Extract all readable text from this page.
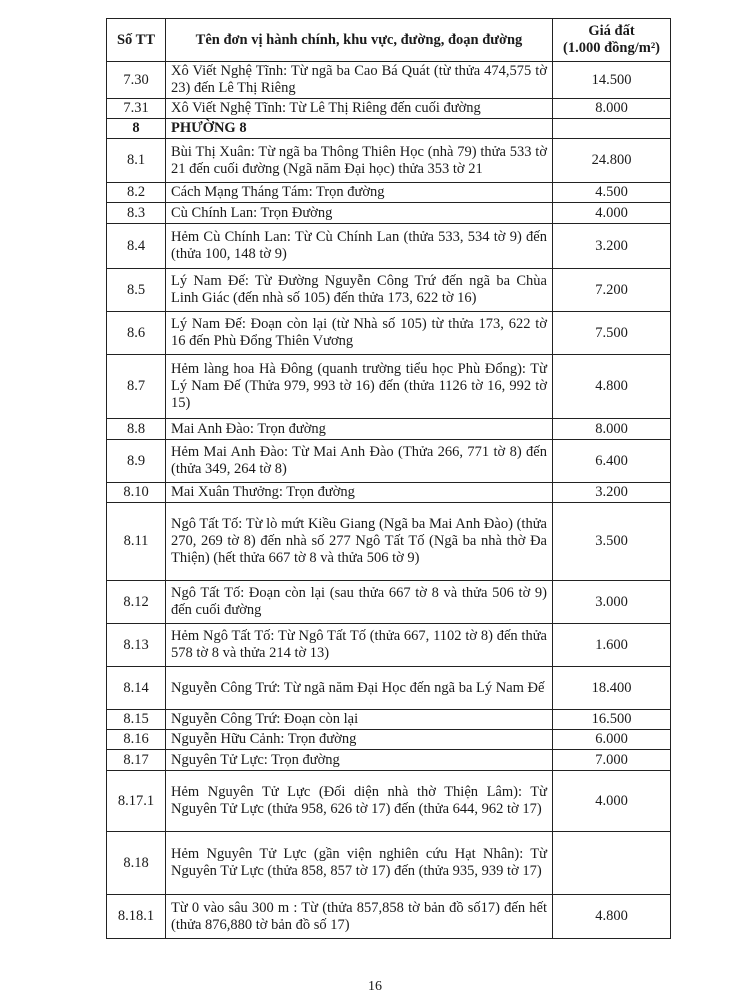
Số TT	Tên đơn vị hành chính, khu vực, đường, đoạn đường	Giá đất
(1.000 đồng/m²)

7.30	Xô Viết Nghệ Tĩnh: Từ ngã ba Cao Bá Quát (từ thửa 474,575 tờ 23) đến Lê Thị Riêng	14.500
7.31	Xô Viết Nghệ Tĩnh: Từ Lê Thị Riêng đến cuối đường	8.000
8	PHƯỜNG 8	
8.1	Bùi Thị Xuân: Từ ngã ba Thông Thiên Học (nhà 79) thửa 533 tờ 21 đến cuối đường (Ngã năm Đại học) thửa 353 tờ 21	24.800
8.2	Cách Mạng Tháng Tám: Trọn đường	4.500
8.3	Cù Chính Lan: Trọn Đường	4.000
8.4	Hẻm Cù Chính Lan: Từ Cù Chính Lan (thửa 533, 534 tờ 9) đến (thửa 100, 148 tờ 9)	3.200
8.5	Lý Nam Đế: Từ Đường Nguyễn Công Trứ đến ngã ba Chùa Linh Giác (đến nhà số 105) đến thửa 173, 622 tờ 16)	7.200
8.6	Lý Nam Đế: Đoạn còn lại (từ Nhà số 105) từ thửa 173, 622 tờ 16 đến Phù Đổng Thiên Vương	7.500
8.7	Hẻm làng hoa Hà Đông (quanh trường tiểu học Phù Đổng): Từ Lý Nam Đế (Thửa 979, 993 tờ 16) đến (thửa 1126 tờ 16, 992 tờ 15)	4.800
8.8	Mai Anh Đào: Trọn đường	8.000
8.9	Hẻm Mai Anh Đào: Từ Mai Anh Đào (Thửa 266, 771 tờ 8) đến (thửa 349, 264 tờ 8)	6.400
8.10	Mai Xuân Thưởng: Trọn đường	3.200
8.11	Ngô Tất Tố: Từ lò mứt Kiều Giang (Ngã ba Mai Anh Đào) (thửa 270, 269 tờ 8) đến nhà số 277 Ngô Tất Tố (Ngã ba nhà thờ Đa Thiện) (hết thửa 667 tờ 8 và thửa 506 tờ 9)	3.500
8.12	Ngô Tất Tố: Đoạn còn lại (sau thửa 667 tờ 8 và thửa 506 tờ 9) đến cuối đường	3.000
8.13	Hẻm Ngô Tất Tố: Từ Ngô Tất Tố (thửa 667, 1102 tờ 8) đến thửa 578 tờ 8 và thửa 214 tờ 13)	1.600
8.14	Nguyễn Công Trứ: Từ ngã năm Đại Học đến ngã ba Lý Nam Đế	18.400
8.15	Nguyễn Công Trứ: Đoạn còn lại	16.500
8.16	Nguyễn Hữu Cảnh: Trọn đường	6.000
8.17	Nguyên Tử Lực: Trọn đường	7.000
8.17.1	Hẻm Nguyên Tử Lực (Đối diện nhà thờ Thiện Lâm): Từ Nguyên Tử Lực (thửa 958, 626 tờ 17) đến (thửa 644, 962 tờ 17)	4.000
8.18	Hẻm Nguyên Tử Lực (gần viện nghiên cứu Hạt Nhân): Từ Nguyên Tử Lực (thửa 858, 857 tờ 17) đến (thửa 935, 939 tờ 17)	
8.18.1	Từ 0 vào sâu 300 m : Từ (thửa 857,858 tờ bản đồ số17) đến hết (thửa 876,880 tờ bản đồ số 17)	4.800
16
